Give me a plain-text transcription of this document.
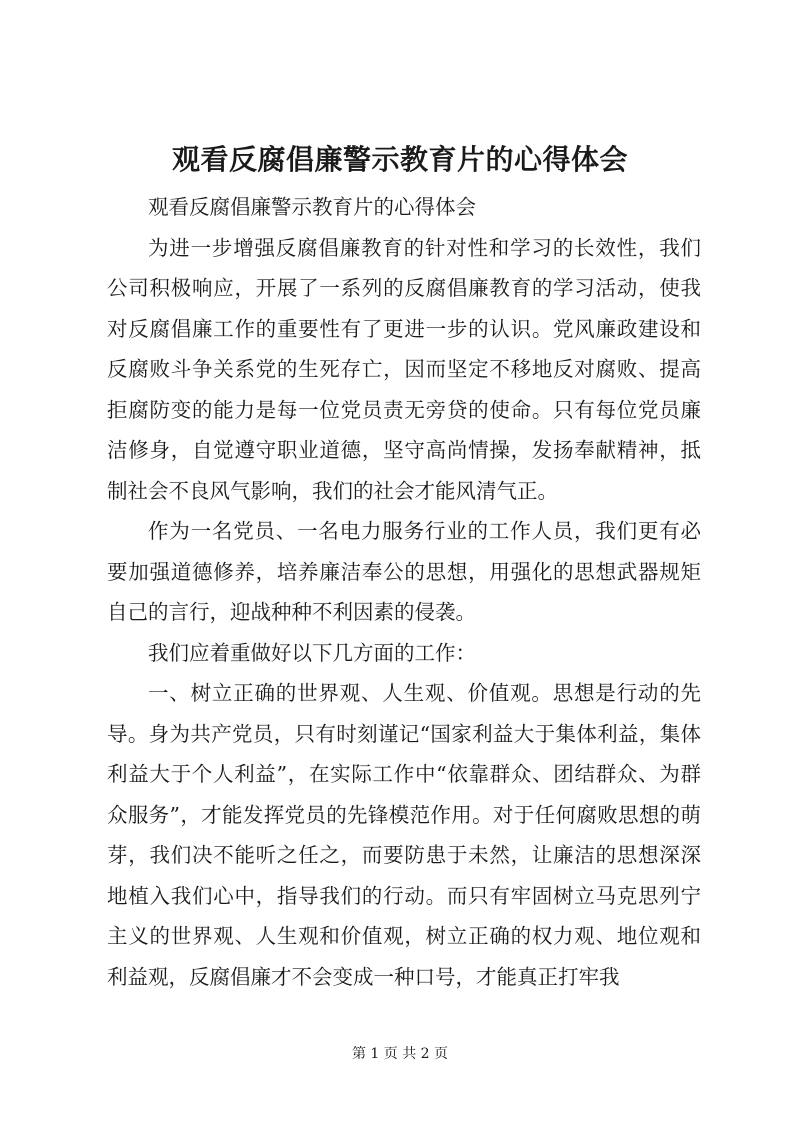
观看反腐倡廉警示教育片的心得体会

观看反腐倡廉警示教育片的心得体会

为进一步增强反腐倡廉教育的针对性和学习的长效性，我们公司积极响应，开展了一系列的反腐倡廉教育的学习活动，使我对反腐倡廉工作的重要性有了更进一步的认识。党风廉政建设和反腐败斗争关系党的生死存亡，因而坚定不移地反对腐败、提高拒腐防变的能力是每一位党员责无旁贷的使命。只有每位党员廉洁修身，自觉遵守职业道德，坚守高尚情操，发扬奉献精神，抵制社会不良风气影响，我们的社会才能风清气正。

作为一名党员、一名电力服务行业的工作人员，我们更有必要加强道德修养，培养廉洁奉公的思想，用强化的思想武器规矩自己的言行，迎战种种不利因素的侵袭。

我们应着重做好以下几方面的工作：

一、树立正确的世界观、人生观、价值观。思想是行动的先导。身为共产党员，只有时刻谨记“国家利益大于集体利益，集体利益大于个人利益”，在实际工作中“依靠群众、团结群众、为群众服务”，才能发挥党员的先锋模范作用。对于任何腐败思想的萌芽，我们决不能听之任之，而要防患于未然，让廉洁的思想深深地植入我们心中，指导我们的行动。而只有牢固树立马克思列宁主义的世界观、人生观和价值观，树立正确的权力观、地位观和利益观，反腐倡廉才不会变成一种口号，才能真正打牢我

第 1 页 共 2 页
